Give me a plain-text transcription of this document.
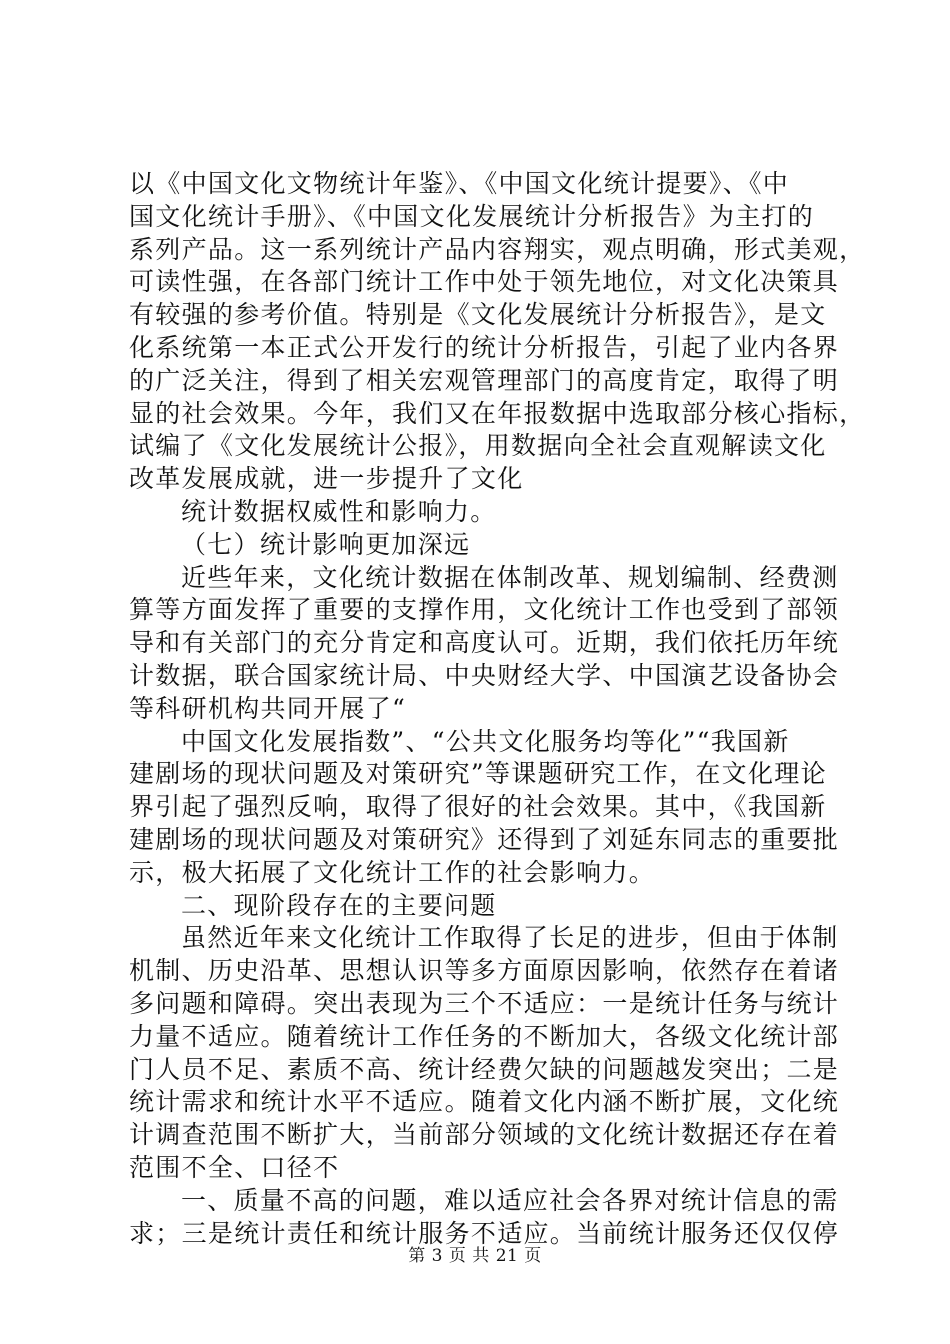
以《中国文化文物统计年鉴》、《中国文化统计提要》、《中
国文化统计手册》、《中国文化发展统计分析报告》为主打的
系列产品。这一系列统计产品内容翔实，观点明确，形式美观，
可读性强，在各部门统计工作中处于领先地位，对文化决策具
有较强的参考价值。特别是《文化发展统计分析报告》，是文
化系统第一本正式公开发行的统计分析报告，引起了业内各界
的广泛关注，得到了相关宏观管理部门的高度肯定，取得了明
显的社会效果。今年，我们又在年报数据中选取部分核心指标，
试编了《文化发展统计公报》，用数据向全社会直观解读文化
改革发展成就，进一步提升了文化
统计数据权威性和影响力。
（七）统计影响更加深远
近些年来，文化统计数据在体制改革、规划编制、经费测
算等方面发挥了重要的支撑作用，文化统计工作也受到了部领
导和有关部门的充分肯定和高度认可。近期，我们依托历年统
计数据，联合国家统计局、中央财经大学、中国演艺设备协会
等科研机构共同开展了“
中国文化发展指数”、“公共文化服务均等化”“我国新
建剧场的现状问题及对策研究”等课题研究工作，在文化理论
界引起了强烈反响，取得了很好的社会效果。其中，《我国新
建剧场的现状问题及对策研究》还得到了刘延东同志的重要批
示，极大拓展了文化统计工作的社会影响力。
二、现阶段存在的主要问题
虽然近年来文化统计工作取得了长足的进步，但由于体制
机制、历史沿革、思想认识等多方面原因影响，依然存在着诸
多问题和障碍。突出表现为三个不适应：一是统计任务与统计
力量不适应。随着统计工作任务的不断加大，各级文化统计部
门人员不足、素质不高、统计经费欠缺的问题越发突出；二是
统计需求和统计水平不适应。随着文化内涵不断扩展，文化统
计调查范围不断扩大，当前部分领域的文化统计数据还存在着
范围不全、口径不
一、质量不高的问题，难以适应社会各界对统计信息的需
求；三是统计责任和统计服务不适应。当前统计服务还仅仅停
第 3 页 共 21 页
